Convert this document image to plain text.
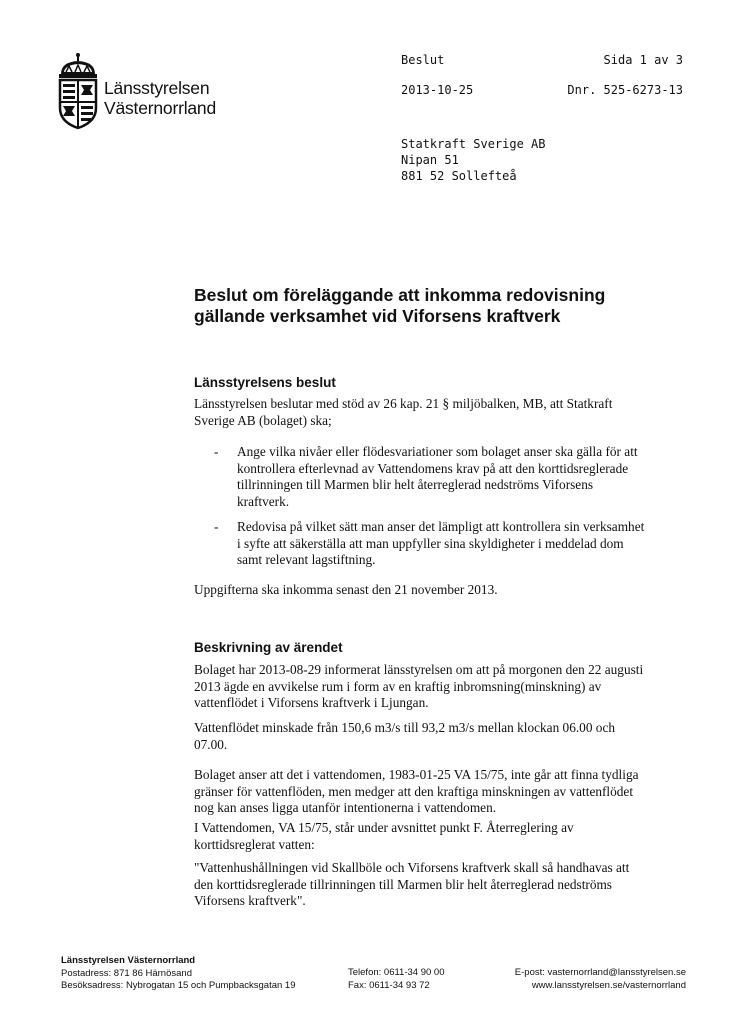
Länsstyrelsen
Västernorrland
Beslut	Sida 1 av 3
2013-10-25	Dnr. 525-6273-13
Statkraft Sverige AB
Nipan 51
881 52 Sollefteå
Beslut om föreläggande att inkomma redovisning
gällande verksamhet vid Viforsens kraftverk
Länsstyrelsens beslut

Länsstyrelsen beslutar med stöd av 26 kap. 21 § miljöbalken, MB, att Statkraft
Sverige AB (bolaget) ska;

- Ange vilka nivåer eller flödesvariationer som bolaget anser ska gälla för att
kontrollera efterlevnad av Vattendomens krav på att den korttidsreglerade
tillrinningen till Marmen blir helt återreglerad nedströms Viforsens
kraftverk.
- Redovisa på vilket sätt man anser det lämpligt att kontrollera sin verksamhet
i syfte att säkerställa att man uppfyller sina skyldigheter i meddelad dom
samt relevant lagstiftning.

Uppgifterna ska inkomma senast den 21 november 2013.

Beskrivning av ärendet

Bolaget har 2013-08-29 informerat länsstyrelsen om att på morgonen den 22 augusti
2013 ägde en avvikelse rum i form av en kraftig inbromsning(minskning) av
vattenflödet i Viforsens kraftverk i Ljungan.

Vattenflödet minskade från 150,6 m3/s till 93,2 m3/s mellan klockan 06.00 och
07.00.

Bolaget anser att det i vattendomen, 1983-01-25 VA 15/75, inte går att finna tydliga
gränser för vattenflöden, men medger att den kraftiga minskningen av vattenflödet
nog kan anses ligga utanför intentionerna i vattendomen.

I Vattendomen, VA 15/75, står under avsnittet punkt F. Återreglering av
korttidsreglerat vatten:

"Vattenhushållningen vid Skallböle och Viforsens kraftverk skall så handhavas att
den korttidsreglerade tillrinningen till Marmen blir helt återreglerad nedströms
Viforsens kraftverk".

Länsstyrelsen Västernorrland
Postadress: 871 86 Härnösand
Besöksadress: Nybrogatan 15 och Pumpbacksgatan 19
Telefon: 0611-34 90 00
Fax: 0611-34 93 72
E-post: vasternorrland@lansstyrelsen.se
www.lansstyrelsen.se/vasternorrland
